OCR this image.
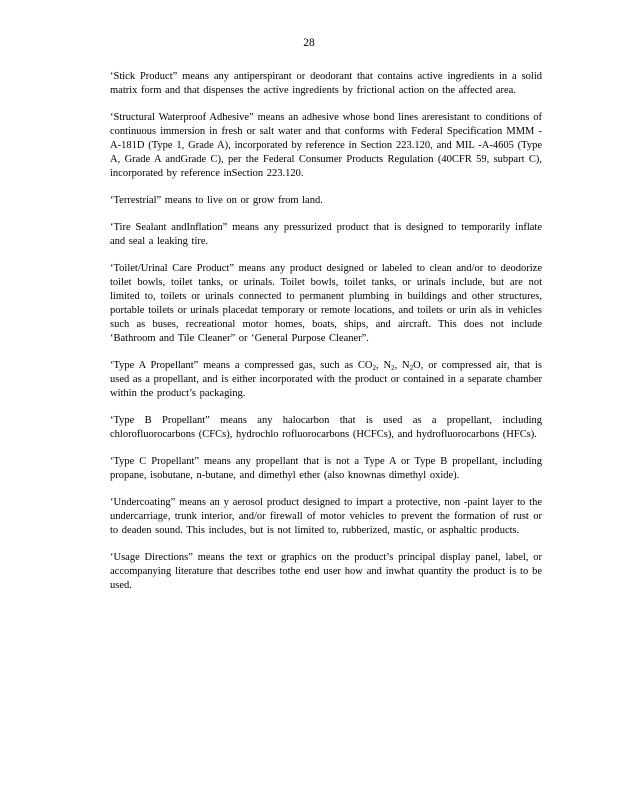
28

‘Stick Product” means any antiperspirant or deodorant that contains active ingredients in a solid matrix form and that dispenses the active ingredients by frictional action on the affected area.

‘Structural Waterproof Adhesive” means an adhesive whose bond lines areresistant to conditions of continuous immersion in fresh or salt water and that conforms with Federal Specification MMM -A-181D (Type 1, Grade A), incorporated by reference in Section 223.120, and MIL -A-4605 (Type A, Grade A andGrade C), per the Federal Consumer Products Regulation (40CFR 59, subpart C), incorporated by reference inSection 223.120.

‘Terrestrial” means to live on or grow from land.

‘Tire Sealant andInflation” means any pressurized product that is designed to temporarily inflate and seal a leaking tire.

‘Toilet/Urinal Care Product” means any product designed or labeled to clean and/or to deodorize toilet bowls, toilet tanks, or urinals. Toilet bowls, toilet tanks, or urinals include, but are not limited to, toilets or urinals connected to permanent plumbing in buildings and other structures, portable toilets or urinals placedat temporary or remote locations, and toilets or urin als in vehicles such as buses, recreational motor homes, boats, ships, and aircraft. This does not include ‘Bathroom and Tile Cleaner” or ‘General Purpose Cleaner”.

‘Type A Propellant” means a compressed gas, such as $CO_2$, $N_2$, $N_2O$, or compressed air, that is used as a propellant, and is either incorporated with the product or contained in a separate chamber within the product’s packaging.

‘Type B Propellant” means any halocarbon that is used as a propellant, including chlorofluorocarbons (CFCs), hydrochlo rofluorocarbons (HCFCs), and hydrofluorocarbons (HFCs).

‘Type C Propellant” means any propellant that is not a Type A or Type B propellant, including propane, isobutane, n-butane, and dimethyl ether (also knownas dimethyl oxide).

‘Undercoating” means an y aerosol product designed to impart a protective, non -paint layer to the undercarriage, trunk interior, and/or firewall of motor vehicles to prevent the formation of rust or to deaden sound. This includes, but is not limited to, rubberized, mastic, or asphaltic products.

‘Usage Directions” means the text or graphics on the product’s principal display panel, label, or accompanying literature that describes tothe end user how and inwhat quantity the product is to be used.
